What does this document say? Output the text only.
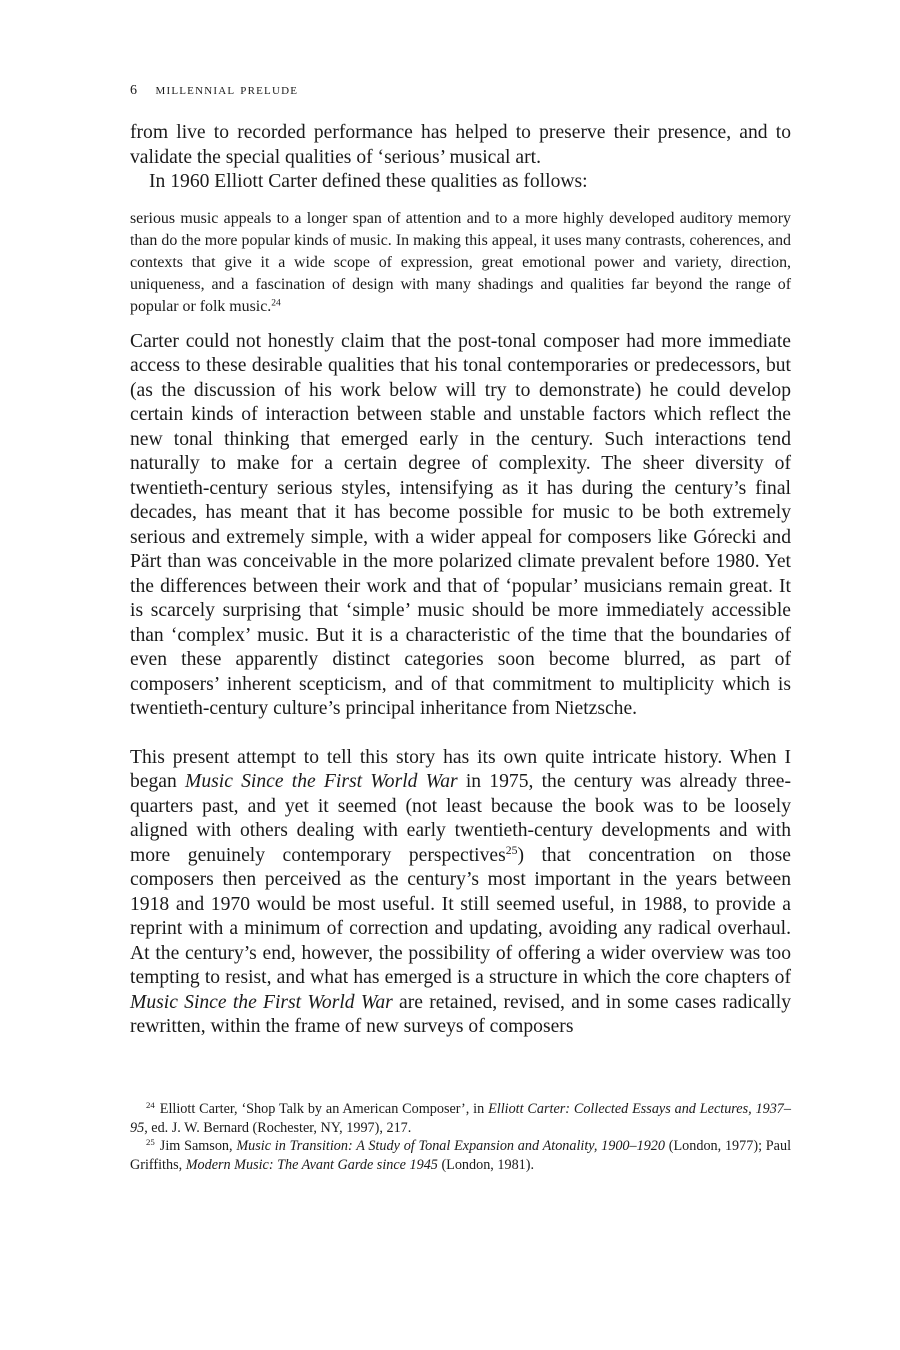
6 millennial prelude

from live to recorded performance has helped to preserve their presence, and to validate the special qualities of ‘serious’ musical art.

In 1960 Elliott Carter defined these qualities as follows:

serious music appeals to a longer span of attention and to a more highly developed auditory memory than do the more popular kinds of music. In making this appeal, it uses many contrasts, coherences, and contexts that give it a wide scope of expression, great emotional power and variety, direction, uniqueness, and a fascination of design with many shadings and qualities far beyond the range of popular or folk music.$^{24}$

Carter could not honestly claim that the post-tonal composer had more immediate access to these desirable qualities that his tonal contemporaries or predecessors, but (as the discussion of his work below will try to demonstrate) he could develop certain kinds of interaction between stable and unstable factors which reflect the new tonal thinking that emerged early in the century. Such interactions tend naturally to make for a certain degree of complexity. The sheer diversity of twentieth-century serious styles, intensifying as it has during the century’s final decades, has meant that it has become possible for music to be both extremely serious and extremely simple, with a wider appeal for composers like Górecki and Pärt than was conceivable in the more polarized climate prevalent before 1980. Yet the differences between their work and that of ‘popular’ musicians remain great. It is scarcely surprising that ‘simple’ music should be more immediately accessible than ‘complex’ music. But it is a characteristic of the time that the boundaries of even these apparently distinct categories soon become blurred, as part of composers’ inherent scepticism, and of that commitment to multiplicity which is twentieth-century culture’s principal inheritance from Nietzsche.

This present attempt to tell this story has its own quite intricate history. When I began Music Since the First World War in 1975, the century was already three-quarters past, and yet it seemed (not least because the book was to be loosely aligned with others dealing with early twentieth-century developments and with more genuinely contemporary perspectives$^{25}$) that concentration on those composers then perceived as the century’s most important in the years between 1918 and 1970 would be most useful. It still seemed useful, in 1988, to provide a reprint with a minimum of correction and updating, avoiding any radical overhaul. At the century’s end, however, the possibility of offering a wider overview was too tempting to resist, and what has emerged is a structure in which the core chapters of Music Since the First World War are retained, revised, and in some cases radically rewritten, within the frame of new surveys of composers

$^{24}$ Elliott Carter, ‘Shop Talk by an American Composer’, in Elliott Carter: Collected Essays and Lectures, 1937–95, ed. J. W. Bernard (Rochester, NY, 1997), 217.

$^{25}$ Jim Samson, Music in Transition: A Study of Tonal Expansion and Atonality, 1900–1920 (London, 1977); Paul Griffiths, Modern Music: The Avant Garde since 1945 (London, 1981).
